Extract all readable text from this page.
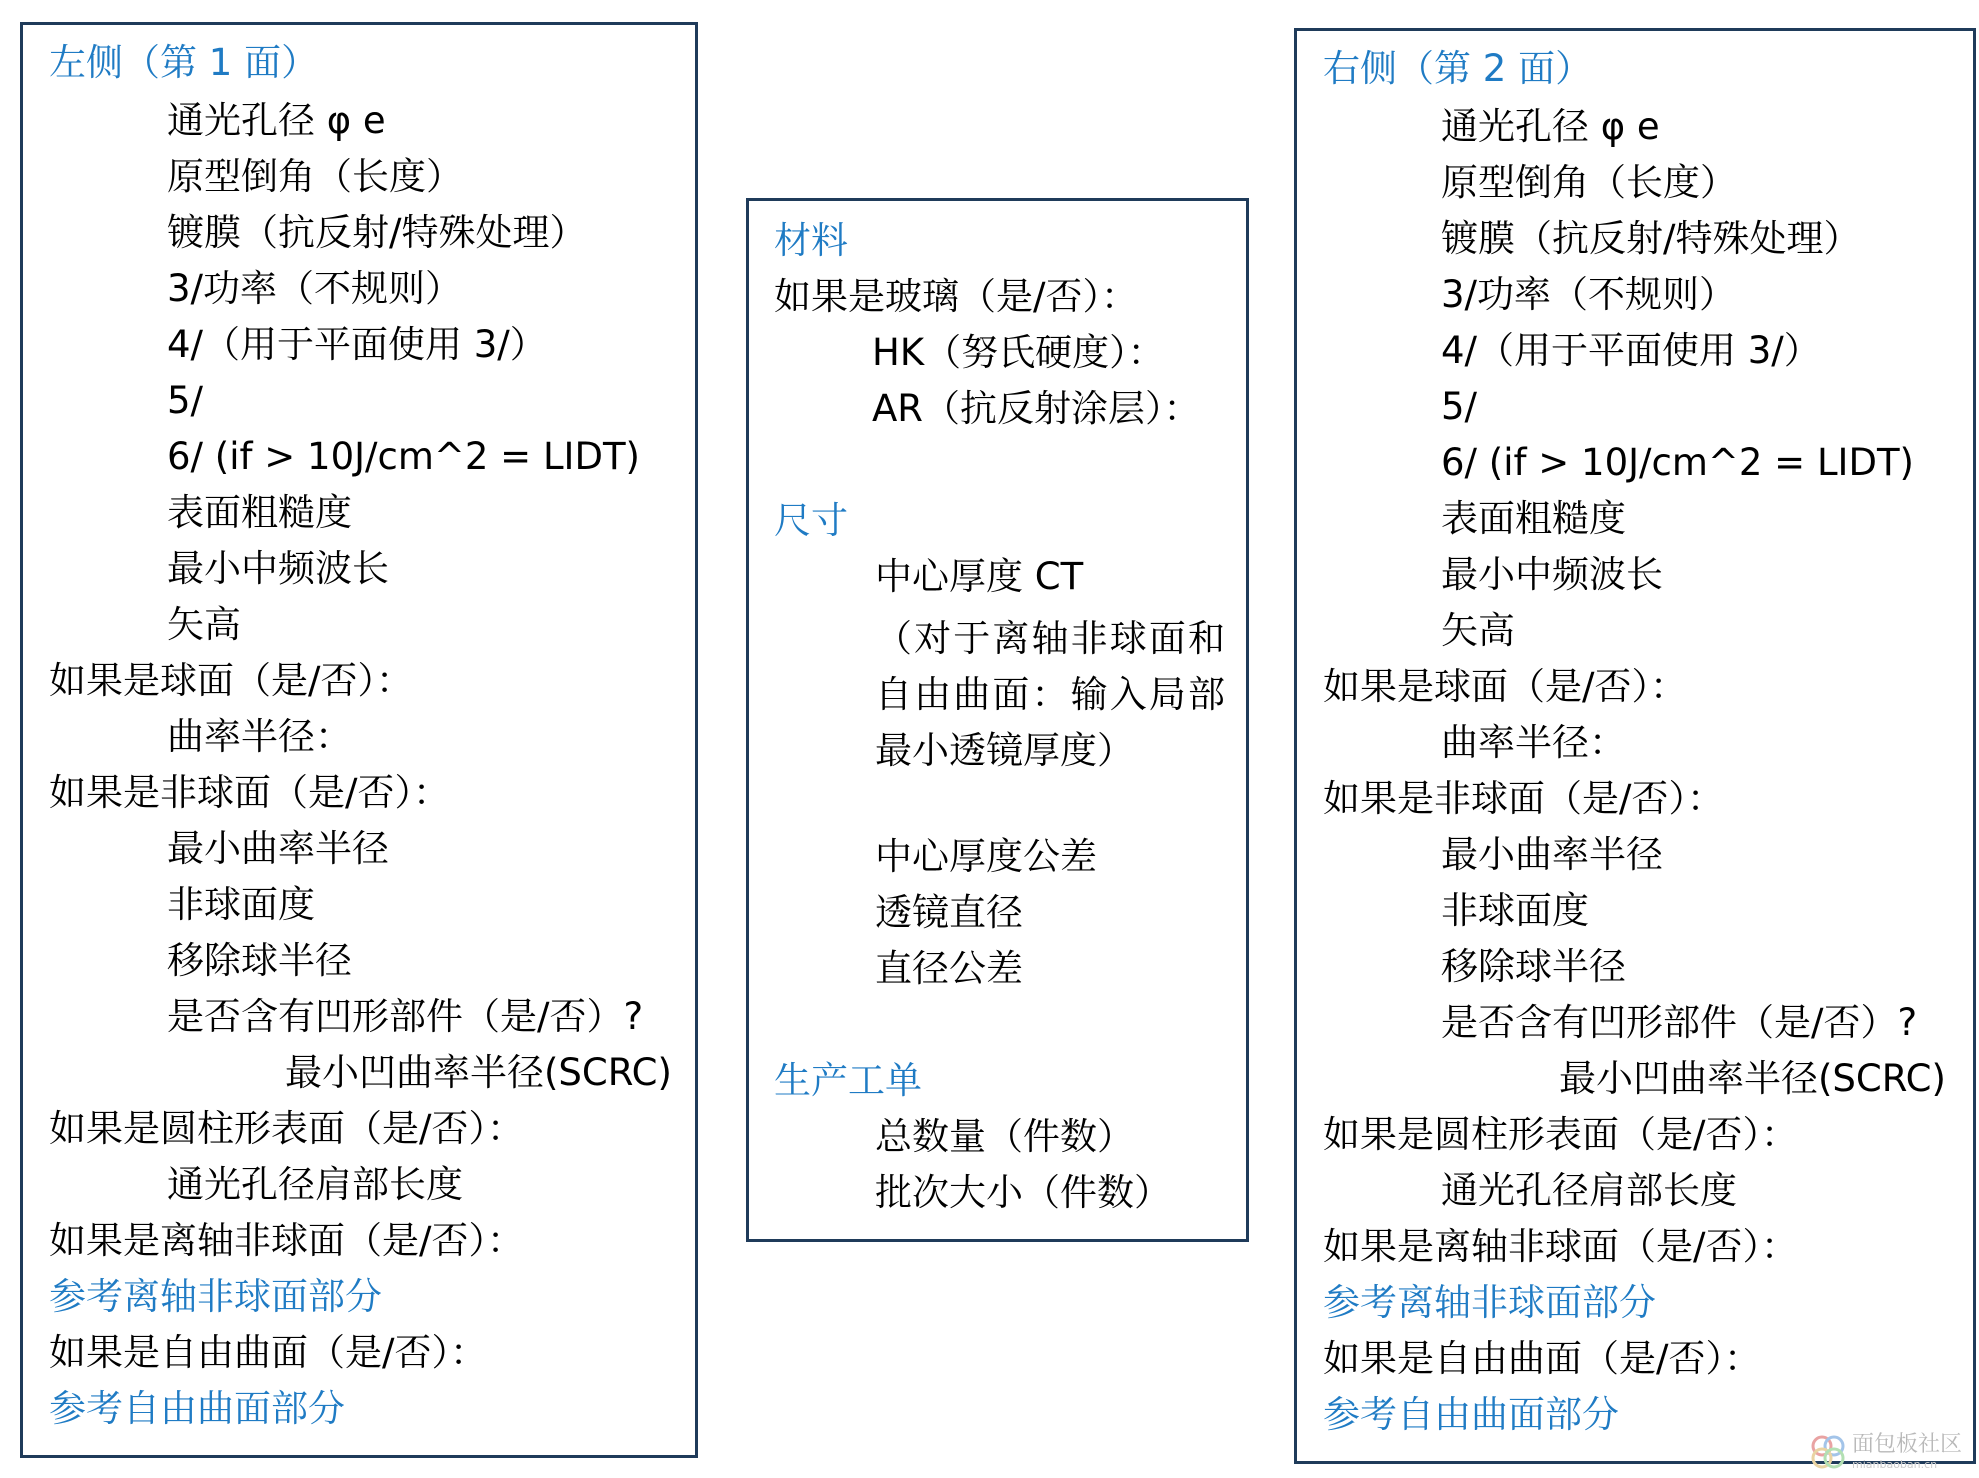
左侧（第 1 面）
通光孔径 φ e
原型倒角（长度）
镀膜（抗反射/特殊处理）
3/功率（不规则）
4/（用于平面使用 3/）
5/
6/ (if > 10J/cm^2 = LIDT)
表面粗糙度
最小中频波长
矢高
如果是球面（是/否）：
曲率半径：
如果是非球面（是/否）：
最小曲率半径
非球面度
移除球半径
是否含有凹形部件（是/否）?
最小凹曲率半径(SCRC)
如果是圆柱形表面（是/否）：
通光孔径肩部长度
如果是离轴非球面（是/否）：
参考离轴非球面部分
如果是自由曲面（是/否）：
参考自由曲面部分
材料
如果是玻璃（是/否）：
HK（努氏硬度）：
AR（抗反射涂层）：
尺寸
中心厚度 CT
（对于离轴非球面和自由曲面：输入局部最小透镜厚度）
中心厚度公差
透镜直径
直径公差
生产工单
总数量（件数）
批次大小（件数）
右侧（第 2 面）
通光孔径 φ e
原型倒角（长度）
镀膜（抗反射/特殊处理）
3/功率（不规则）
4/（用于平面使用 3/）
5/
6/ (if > 10J/cm^2 = LIDT)
表面粗糙度
最小中频波长
矢高
如果是球面（是/否）：
曲率半径：
如果是非球面（是/否）：
最小曲率半径
非球面度
移除球半径
是否含有凹形部件（是/否）?
最小凹曲率半径(SCRC)
如果是圆柱形表面（是/否）：
通光孔径肩部长度
如果是离轴非球面（是/否）：
参考离轴非球面部分
如果是自由曲面（是/否）：
参考自由曲面部分
面包板社区
mianbaoban.cn
